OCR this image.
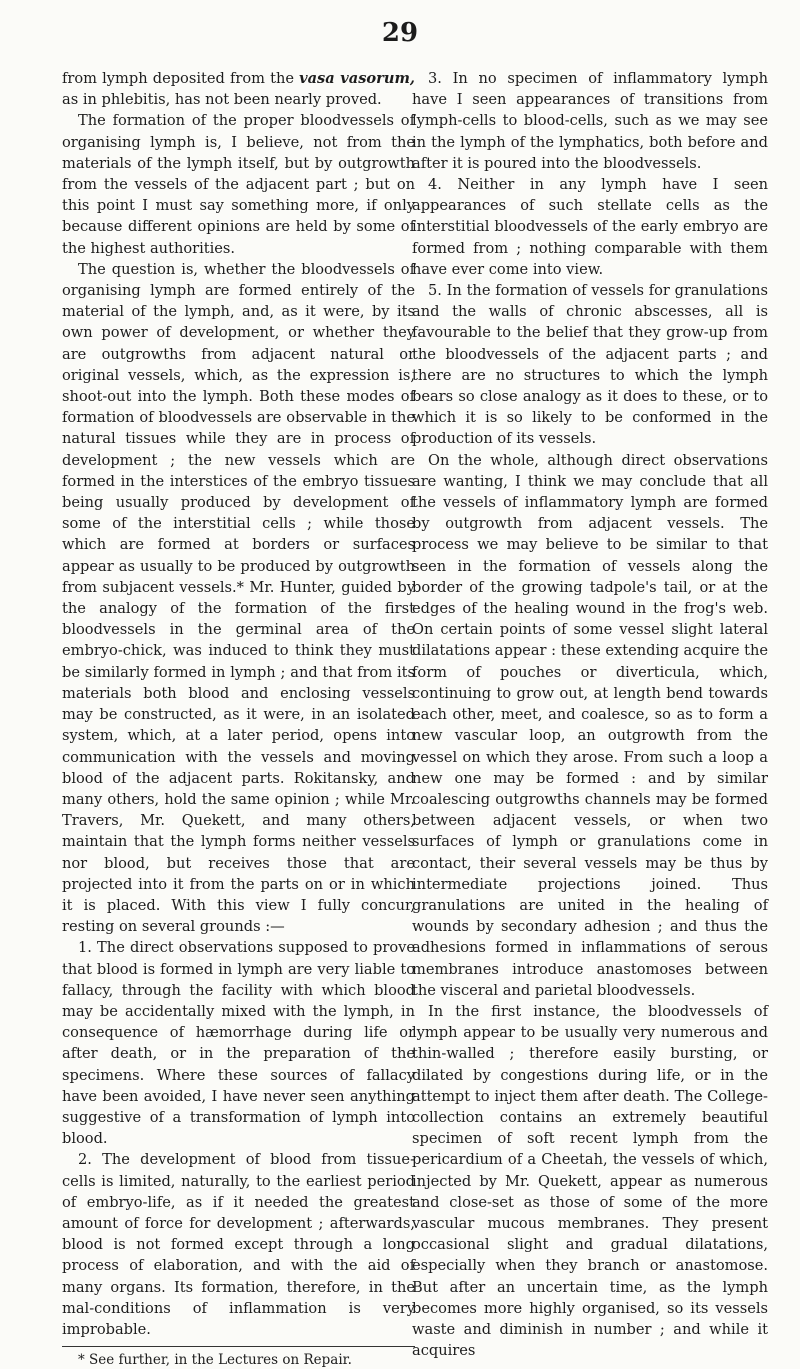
29

from lymph deposited from the vasa vasorum, as in phlebitis, has not been nearly proved.

The formation of the proper bloodvessels of organising lymph is, I believe, not from the materials of the lymph itself, but by outgrowth from the vessels of the adjacent part ; but on this point I must say something more, if only because different opinions are held by some of the highest authorities.

The question is, whether the bloodvessels of organising lymph are formed entirely of the material of the lymph, and, as it were, by its own power of development, or whether they are outgrowths from adjacent natural or original vessels, which, as the expression is, shoot-out into the lymph. Both these modes of formation of bloodvessels are observable in the natural tissues while they are in process of development ; the new vessels which are formed in the interstices of the embryo tissues being usually produced by development of some of the interstitial cells ; while those which are formed at borders or surfaces appear as usually to be produced by outgrowth from subjacent vessels.* Mr. Hunter, guided by the analogy of the formation of the first bloodvessels in the germinal area of the embryo-chick, was induced to think they must be similarly formed in lymph ; and that from its materials both blood and enclosing vessels may be constructed, as it were, in an isolated system, which, at a later period, opens into communication with the vessels and moving blood of the adjacent parts. Rokitansky, and many others, hold the same opinion ; while Mr. Travers, Mr. Quekett, and many others, maintain that the lymph forms neither vessels nor blood, but receives those that are projected into it from the parts on or in which it is placed. With this view I fully concur, resting on several grounds :—

1. The direct observations supposed to prove that blood is formed in lymph are very liable to fallacy, through the facility with which blood may be accidentally mixed with the lymph, in consequence of hæmorrhage during life or after death, or in the preparation of the specimens. Where these sources of fallacy have been avoided, I have never seen anything suggestive of a transformation of lymph into blood.

2. The development of blood from tissue-cells is limited, naturally, to the earliest period of embryo-life, as if it needed the greatest amount of force for development ; afterwards, blood is not formed except through a long process of elaboration, and with the aid of many organs. Its formation, therefore, in the mal-conditions of inflammation is very improbable.

* See further, in the Lectures on Repair.

3. In no specimen of inflammatory lymph have I seen appearances of transitions from lymph-cells to blood-cells, such as we may see in the lymph of the lymphatics, both before and after it is poured into the bloodvessels.

4. Neither in any lymph have I seen appearances of such stellate cells as the interstitial bloodvessels of the early embryo are formed from ; nothing comparable with them have ever come into view.

5. In the formation of vessels for granulations and the walls of chronic abscesses, all is favourable to the belief that they grow-up from the bloodvessels of the adjacent parts ; and there are no structures to which the lymph bears so close analogy as it does to these, or to which it is so likely to be conformed in the production of its vessels.

On the whole, although direct observations are wanting, I think we may conclude that all the vessels of inflammatory lymph are formed by outgrowth from adjacent vessels. The process we may believe to be similar to that seen in the formation of vessels along the border of the growing tadpole's tail, or at the edges of the healing wound in the frog's web. On certain points of some vessel slight lateral dilatations appear : these extending acquire the form of pouches or diverticula, which, continuing to grow out, at length bend towards each other, meet, and coalesce, so as to form a new vascular loop, an outgrowth from the vessel on which they arose. From such a loop a new one may be formed : and by similar coalescing outgrowths channels may be formed between adjacent vessels, or when two surfaces of lymph or granulations come in contact, their several vessels may be thus by intermediate projections joined. Thus granulations are united in the healing of wounds by secondary adhesion ; and thus the adhesions formed in inflammations of serous membranes introduce anastomoses between the visceral and parietal bloodvessels.

In the first instance, the bloodvessels of lymph appear to be usually very numerous and thin-walled ; therefore easily bursting, or dilated by congestions during life, or in the attempt to inject them after death. The College-collection contains an extremely beautiful specimen of soft recent lymph from the pericardium of a Cheetah, the vessels of which, injected by Mr. Quekett, appear as numerous and close-set as those of some of the more vascular mucous membranes. They present occasional slight and gradual dilatations, especially when they branch or anastomose. But after an uncertain time, as the lymph becomes more highly organised, so its vessels waste and diminish in number ; and while it acquires
